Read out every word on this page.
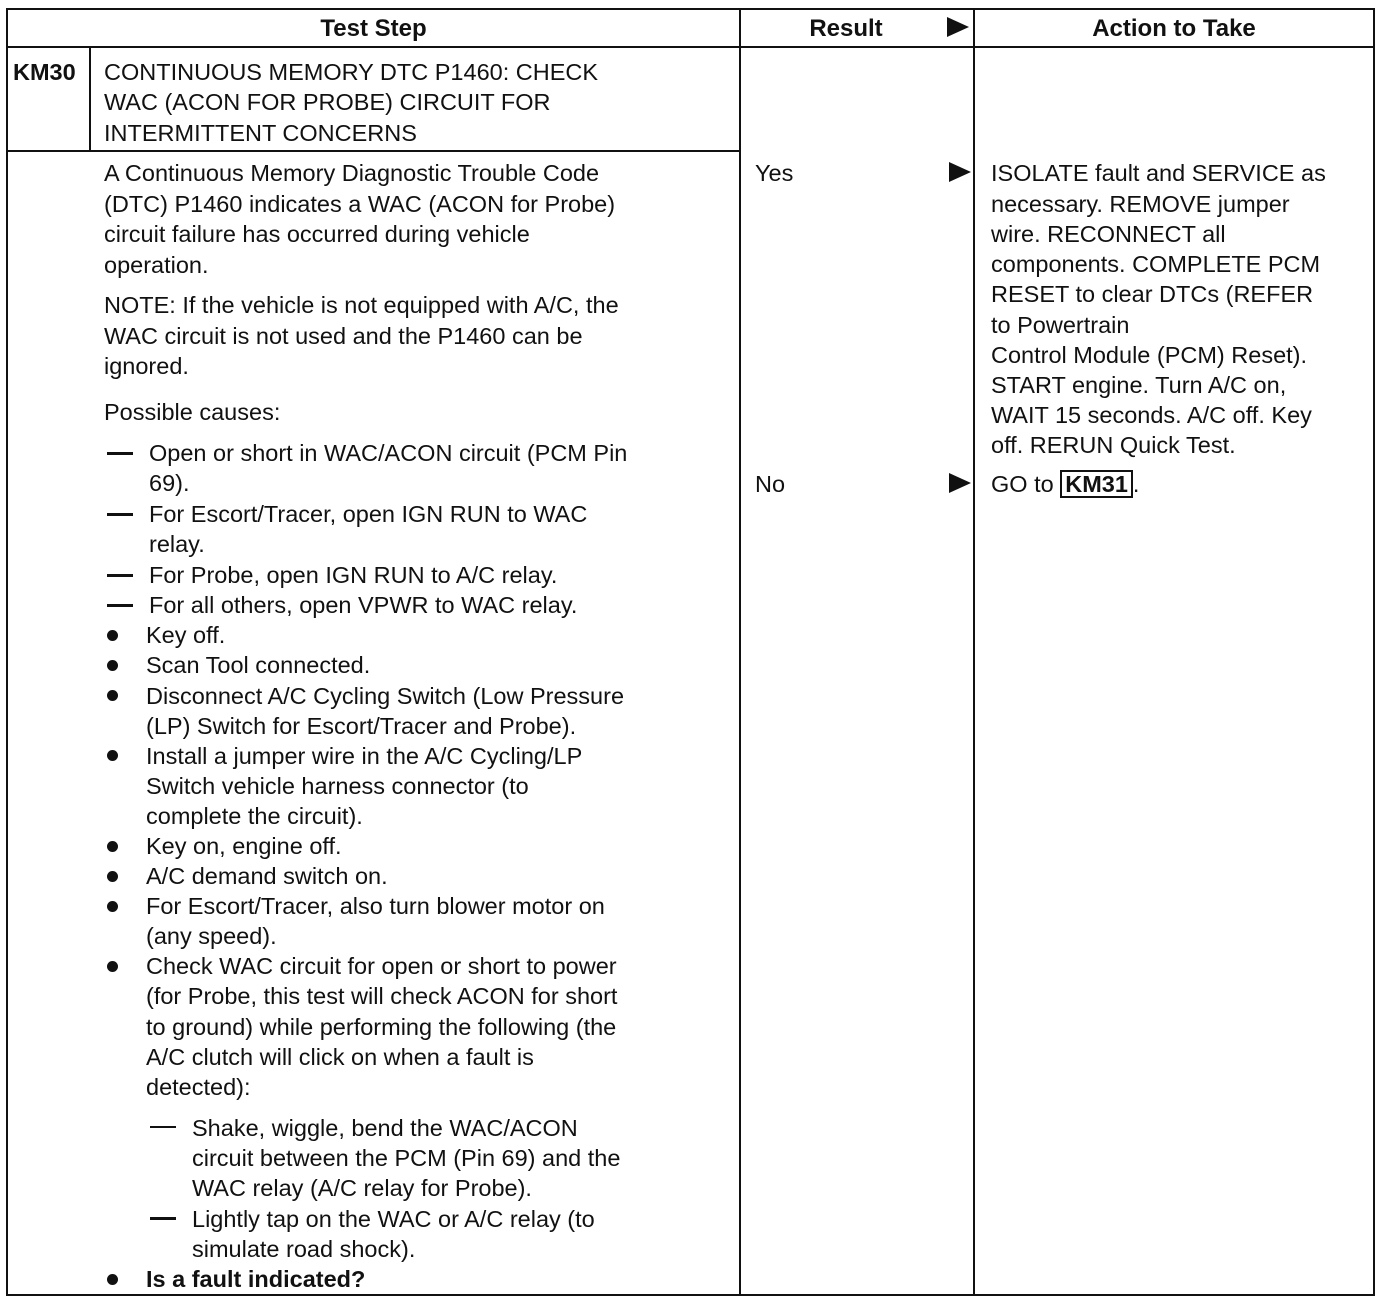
Test Step	Result	Action to Take
KM30 CONTINUOUS MEMORY DTC P1460: CHECK
WAC (ACON FOR PROBE) CIRCUIT FOR
INTERMITTENT CONCERNS
A Continuous Memory Diagnostic Trouble Code
(DTC) P1460 indicates a WAC (ACON for Probe)
circuit failure has occurred during vehicle
operation.
NOTE: If the vehicle is not equipped with A/C, the
WAC circuit is not used and the P1460 can be
ignored.
Possible causes:
Open or short in WAC/ACON circuit (PCM Pin
69).
For Escort/Tracer, open IGN RUN to WAC
relay.
For Probe, open IGN RUN to A/C relay.
For all others, open VPWR to WAC relay.
Key off.
Scan Tool connected.
Disconnect A/C Cycling Switch (Low Pressure
(LP) Switch for Escort/Tracer and Probe).
Install a jumper wire in the A/C Cycling/LP
Switch vehicle harness connector (to
complete the circuit).
Key on, engine off.
A/C demand switch on.
For Escort/Tracer, also turn blower motor on
(any speed).
Check WAC circuit for open or short to power
(for Probe, this test will check ACON for short
to ground) while performing the following (the
A/C clutch will click on when a fault is
detected):
Shake, wiggle, bend the WAC/ACON
circuit between the PCM (Pin 69) and the
WAC relay (A/C relay for Probe).
Lightly tap on the WAC or A/C relay (to
simulate road shock).
Is a fault indicated?
Yes
No
ISOLATE fault and SERVICE as
necessary. REMOVE jumper
wire. RECONNECT all
components. COMPLETE PCM
RESET to clear DTCs (REFER
to Powertrain
Control Module (PCM) Reset).
START engine. Turn A/C on,
WAIT 15 seconds. A/C off. Key
off. RERUN Quick Test.
GO to KM31 .
